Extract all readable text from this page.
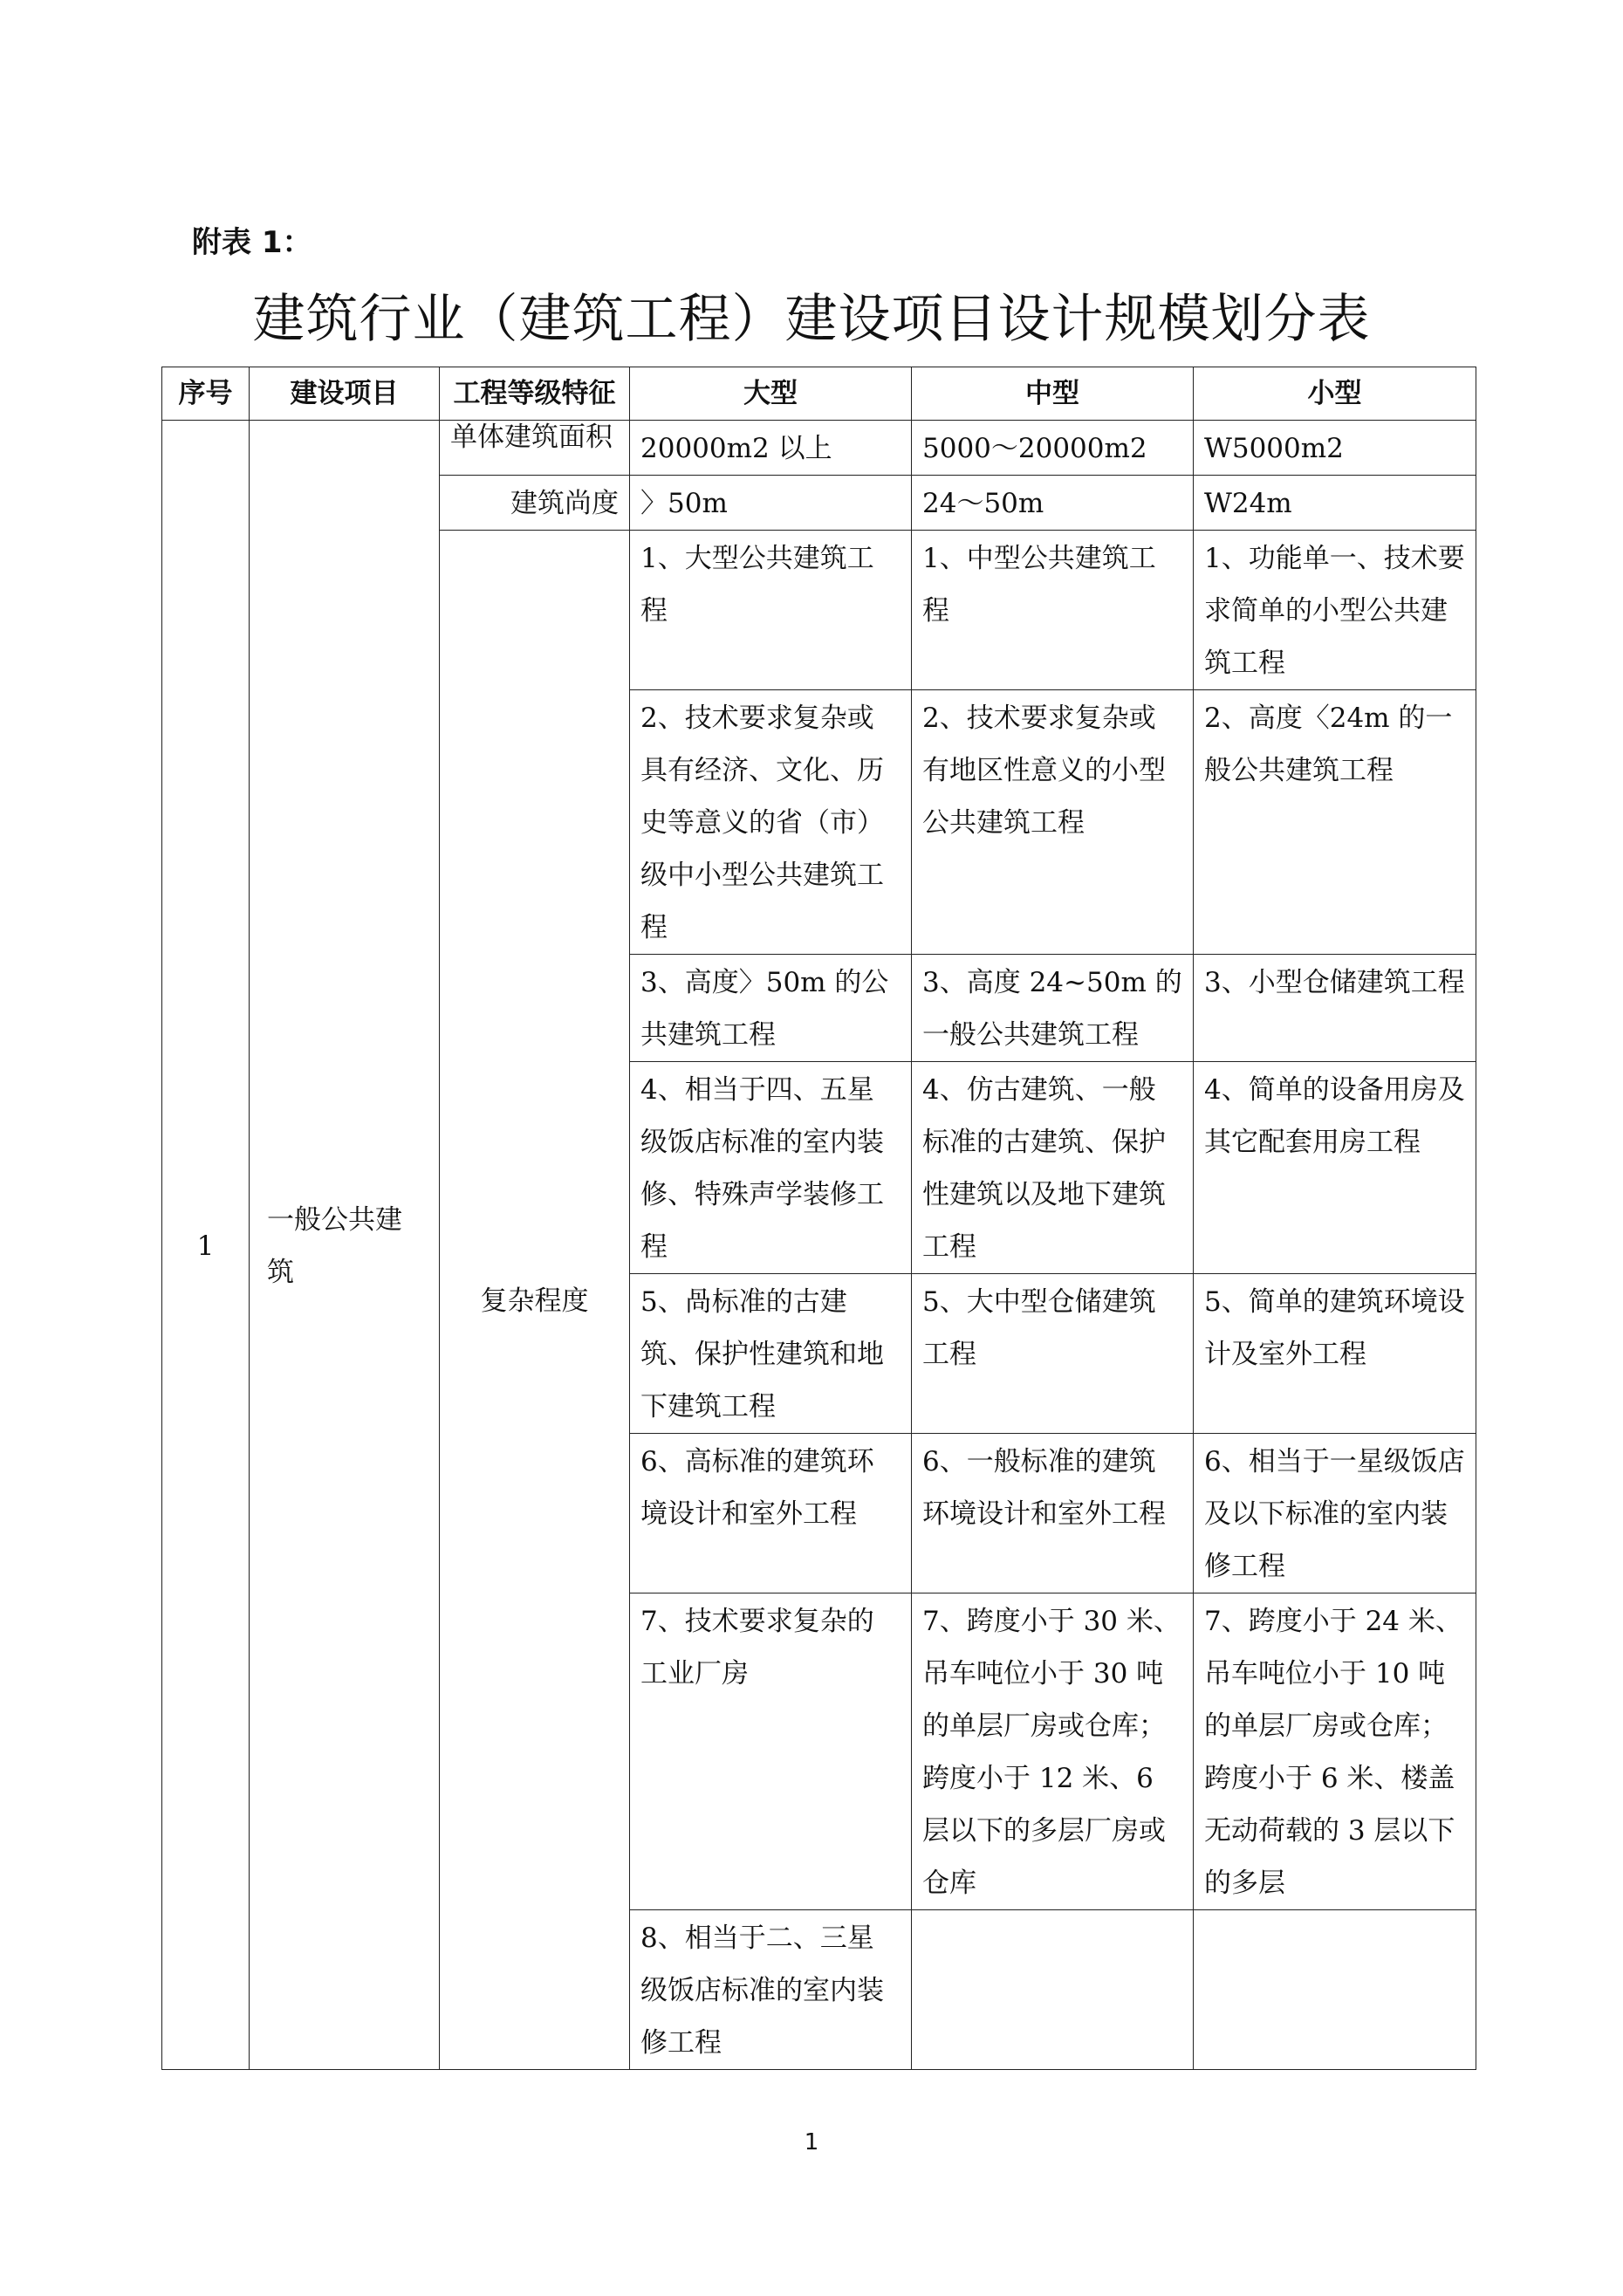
附表 1：
建筑行业（建筑工程）建设项目设计规模划分表
序号	建设项目	工程等级特征	大型	中型	小型
1	一般公共建筑	单体建筑面积	20000m2 以上	5000～20000m2	W5000m2
		建筑尚度	〉50m	24～50m	W24m
		复杂程度	1、大型公共建筑工程	1、中型公共建筑工程	1、功能单一、技术要求简单的小型公共建筑工程
			2、技术要求复杂或具有经济、文化、历史等意义的省（市）级中小型公共建筑工程	2、技术要求复杂或有地区性意义的小型公共建筑工程	2、高度〈24m 的一般公共建筑工程
			3、高度〉50m 的公共建筑工程	3、高度 24~50m 的一般公共建筑工程	3、小型仓储建筑工程
			4、相当于四、五星级饭店标准的室内装修、特殊声学装修工程	4、仿古建筑、一般标准的古建筑、保护性建筑以及地下建筑工程	4、简单的设备用房及其它配套用房工程
			5、咼标准的古建筑、保护性建筑和地下建筑工程	5、大中型仓储建筑工程	5、简单的建筑环境设计及室外工程
			6、高标准的建筑环境设计和室外工程	6、一般标准的建筑环境设计和室外工程	6、相当于一星级饭店及以下标准的室内装修工程
			7、技术要求复杂的工业厂房	7、跨度小于 30 米、吊车吨位小于 30 吨的单层厂房或仓库；跨度小于 12 米、6 层以下的多层厂房或仓库	7、跨度小于 24 米、吊车吨位小于 10 吨的单层厂房或仓库；跨度小于 6 米、楼盖无动荷载的 3 层以下的多层
			8、相当于二、三星级饭店标准的室内装修工程		
1
